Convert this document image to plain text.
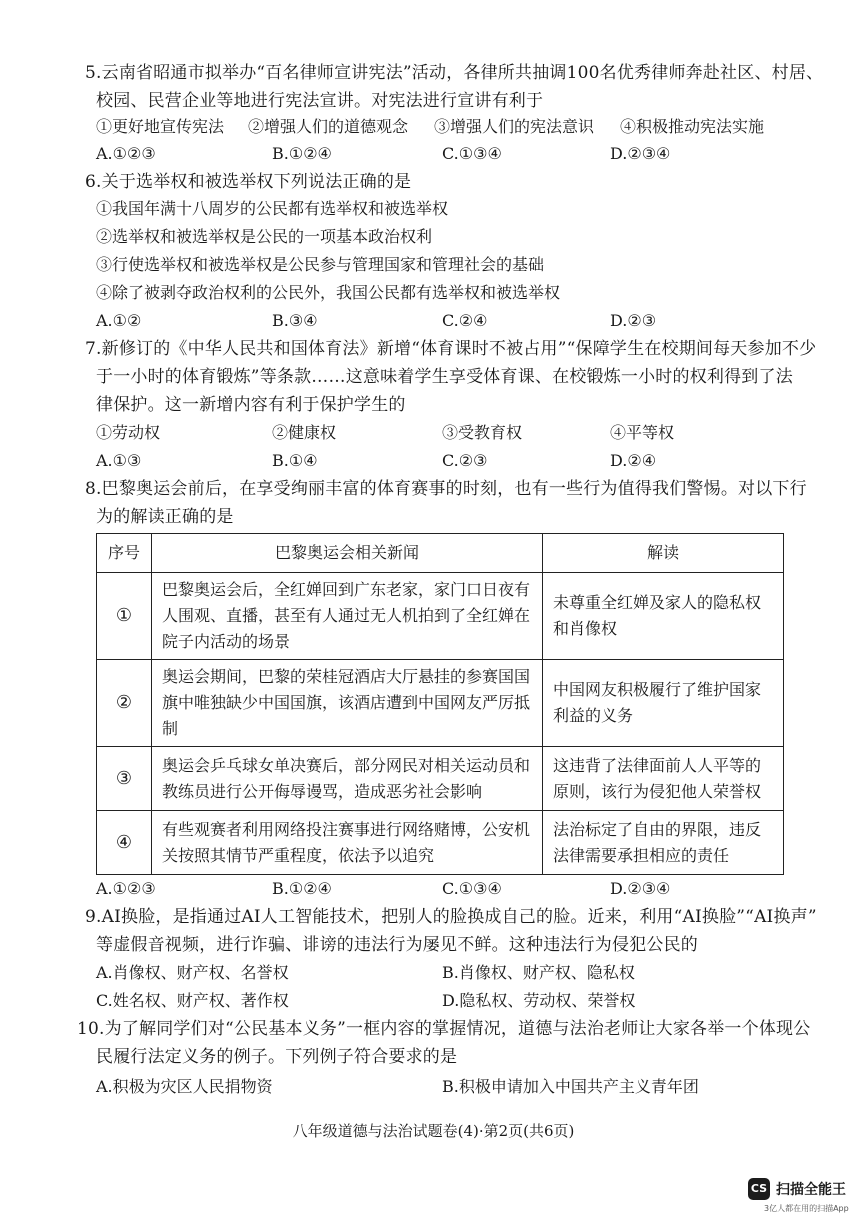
5.云南省昭通市拟举办“百名律师宣讲宪法”活动，各律所共抽调100名优秀律师奔赴社区、村居、
校园、民营企业等地进行宪法宣讲。对宪法进行宣讲有利于
①更好地宣传宪法 ②增强人们的道德观念 ③增强人们的宪法意识 ④积极推动宪法实施
A.①②③	B.①②④	C.①③④	D.②③④
6.关于选举权和被选举权下列说法正确的是
①我国年满十八周岁的公民都有选举权和被选举权
②选举权和被选举权是公民的一项基本政治权利
③行使选举权和被选举权是公民参与管理国家和管理社会的基础
④除了被剥夺政治权利的公民外，我国公民都有选举权和被选举权
A.①②	B.③④	C.②④	D.②③
7.新修订的《中华人民共和国体育法》新增“体育课时不被占用”“保障学生在校期间每天参加不少
于一小时的体育锻炼”等条款……这意味着学生享受体育课、在校锻炼一小时的权利得到了法
律保护。这一新增内容有利于保护学生的
①劳动权	②健康权	③受教育权	④平等权
A.①③	B.①④	C.②③	D.②④
8.巴黎奥运会前后，在享受绚丽丰富的体育赛事的时刻，也有一些行为值得我们警惕。对以下行
为的解读正确的是
序号	巴黎奥运会相关新闻	解读
①	巴黎奥运会后，全红婵回到广东老家，家门口日夜有人围观、直播，甚至有人通过无人机拍到了全红婵在院子内活动的场景	未尊重全红婵及家人的隐私权和肖像权
②	奥运会期间，巴黎的荣桂冠酒店大厅悬挂的参赛国国旗中唯独缺少中国国旗，该酒店遭到中国网友严厉抵制	中国网友积极履行了维护国家利益的义务
③	奥运会乒乓球女单决赛后，部分网民对相关运动员和教练员进行公开侮辱谩骂，造成恶劣社会影响	这违背了法律面前人人平等的原则，该行为侵犯他人荣誉权
④	有些观赛者利用网络投注赛事进行网络赌博，公安机关按照其情节严重程度，依法予以追究	法治标定了自由的界限，违反法律需要承担相应的责任
A.①②③	B.①②④	C.①③④	D.②③④
9.AI换脸，是指通过AI人工智能技术，把别人的脸换成自己的脸。近来，利用“AI换脸”“AI换声”
等虚假音视频，进行诈骗、诽谤的违法行为屡见不鲜。这种违法行为侵犯公民的
A.肖像权、财产权、名誉权	B.肖像权、财产权、隐私权
C.姓名权、财产权、著作权	D.隐私权、劳动权、荣誉权
10.为了解同学们对“公民基本义务”一框内容的掌握情况，道德与法治老师让大家各举一个体现公
民履行法定义务的例子。下列例子符合要求的是
A.积极为灾区人民捐物资	B.积极申请加入中国共产主义青年团
八年级道德与法治试题卷(4)·第2页(共6页)
CS 扫描全能王
3亿人都在用的扫描App
